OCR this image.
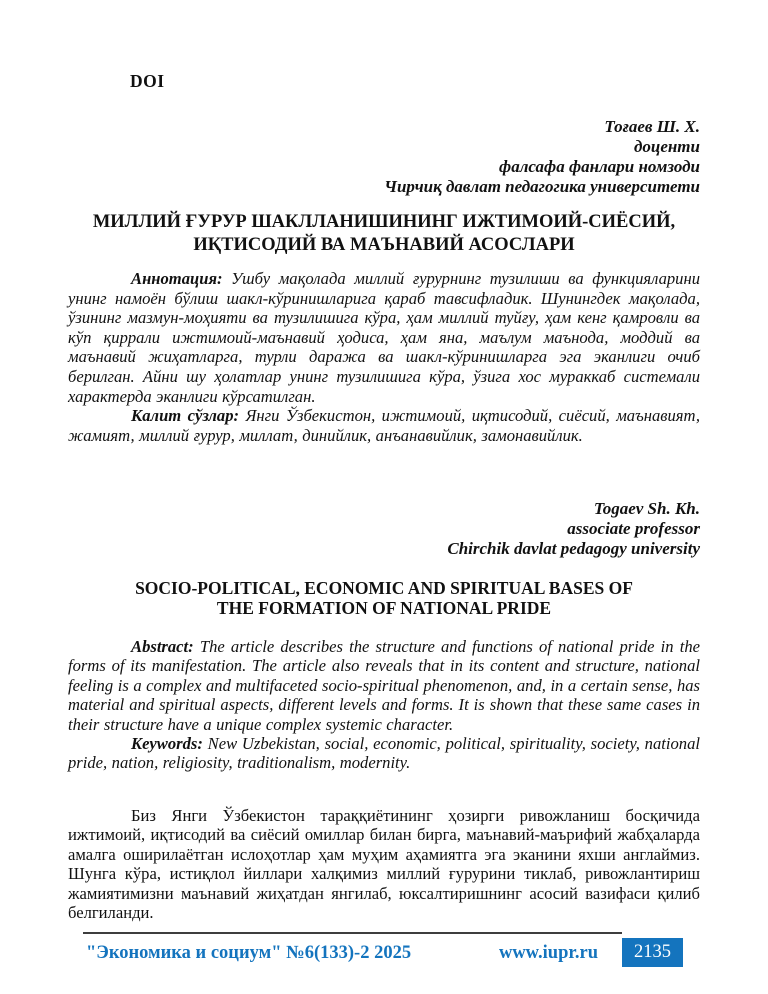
DOI
Тоғаев Ш. Х.
доценти
фалсафа фанлари номзоди
Чирчиқ давлат педагогика университети
МИЛЛИЙ ҒУРУР ШАКЛЛАНИШИНИНГ ИЖТИМОИЙ-СИЁСИЙ,
ИҚТИСОДИЙ ВА МАЪНАВИЙ АСОСЛАРИ

Аннотация: Ушбу мақолада миллий ғурурнинг тузилиши ва функцияларини унинг намоён бўлиш шакл-кўринишларига қараб тавсифладик. Шунингдек мақолада, ўзининг мазмун-моҳияти ва тузилишига кўра, ҳам миллий туйғу, ҳам кенг қамровли ва кўп қиррали ижтимоий-маънавий ҳодиса, ҳам яна, маълум маънода, моддий ва маънавий жиҳатларга, турли даража ва шакл-кўринишларга эга эканлиги очиб берилган. Айни шу ҳолатлар унинг тузилишига кўра, ўзига хос мураккаб системали характерда эканлиги кўрсатилган.

Калит сўзлар: Янги Ўзбекистон, ижтимоий, иқтисодий, сиёсий, маънавият, жамият, миллий ғурур, миллат, динийлик, анъанавийлик, замонавийлик.

Togaev Sh. Kh.
associate professor
Chirchik davlat pedagogy university
SOCIO-POLITICAL, ECONOMIC AND SPIRITUAL BASES OF
THE FORMATION OF NATIONAL PRIDE

Abstract: The article describes the structure and functions of national pride in the forms of its manifestation. The article also reveals that in its content and structure, national feeling is a complex and multifaceted socio-spiritual phenomenon, and, in a certain sense, has material and spiritual aspects, different levels and forms. It is shown that these same cases in their structure have a unique complex systemic character.

Keywords: New Uzbekistan, social, economic, political, spirituality, society, national pride, nation, religiosity, traditionalism, modernity.

Биз Янги Ўзбекистон тараққиётининг ҳозирги ривожланиш босқичида ижтимоий, иқтисодий ва сиёсий омиллар билан бирга, маънавий-маърифий жабҳаларда амалга оширилаётган ислоҳотлар ҳам муҳим аҳамиятга эга эканини яхши англаймиз. Шунга кўра, истиқлол йиллари халқимиз миллий ғурурини тиклаб, ривожлантириш жамиятимизни маънавий жиҳатдан янгилаб, юксалтиришнинг асосий вазифаси қилиб белгиланди.

"Экономика и социум" №6(133)-2 2025	www.iupr.ru	2135
